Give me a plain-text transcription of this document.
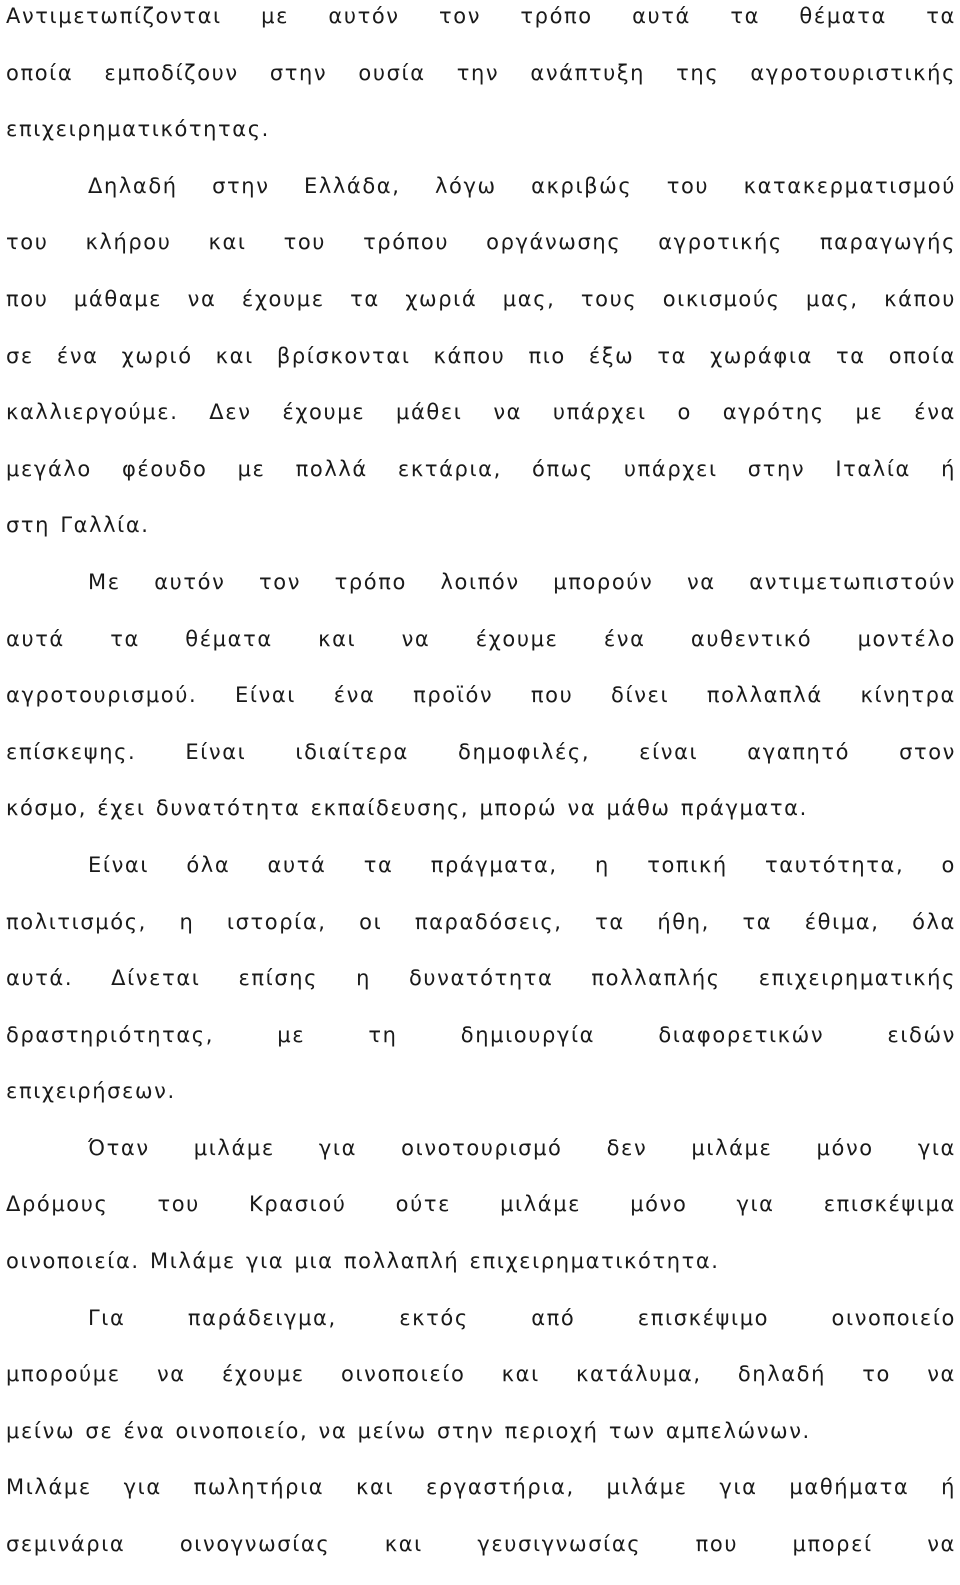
Αντιμετωπίζονται με αυτόν τον τρόπο αυτά τα θέματα τα
οποία εμποδίζουν στην ουσία την ανάπτυξη της αγροτουριστικής
επιχειρηματικότητας.
Δηλαδή στην Ελλάδα, λόγω ακριβώς του κατακερματισμού
του κλήρου και του τρόπου οργάνωσης αγροτικής παραγωγής
που μάθαμε να έχουμε τα χωριά μας, τους οικισμούς μας, κάπου
σε ένα χωριό και βρίσκονται κάπου πιο έξω τα χωράφια τα οποία
καλλιεργούμε. Δεν έχουμε μάθει να υπάρχει ο αγρότης με ένα
μεγάλο φέουδο με πολλά εκτάρια, όπως υπάρχει στην Ιταλία ή
στη Γαλλία.
Με αυτόν τον τρόπο λοιπόν μπορούν να αντιμετωπιστούν
αυτά τα θέματα και να έχουμε ένα αυθεντικό μοντέλο
αγροτουρισμού. Είναι ένα προϊόν που δίνει πολλαπλά κίνητρα
επίσκεψης. Είναι ιδιαίτερα δημοφιλές, είναι αγαπητό στον
κόσμο, έχει δυνατότητα εκπαίδευσης, μπορώ να μάθω πράγματα.
Είναι όλα αυτά τα πράγματα, η τοπική ταυτότητα, ο
πολιτισμός, η ιστορία, οι παραδόσεις, τα ήθη, τα έθιμα, όλα
αυτά. Δίνεται επίσης η δυνατότητα πολλαπλής επιχειρηματικής
δραστηριότητας, με τη δημιουργία διαφορετικών ειδών
επιχειρήσεων.
Όταν μιλάμε για οινοτουρισμό δεν μιλάμε μόνο για
Δρόμους του Κρασιού ούτε μιλάμε μόνο για επισκέψιμα
οινοποιεία. Μιλάμε για μια πολλαπλή επιχειρηματικότητα.
Για παράδειγμα, εκτός από επισκέψιμο οινοποιείο
μπορούμε να έχουμε οινοποιείο και κατάλυμα, δηλαδή το να
μείνω σε ένα οινοποιείο, να μείνω στην περιοχή των αμπελώνων.
Μιλάμε για πωλητήρια και εργαστήρια, μιλάμε για μαθήματα ή
σεμινάρια οινογνωσίας και γευσιγνωσίας που μπορεί να
